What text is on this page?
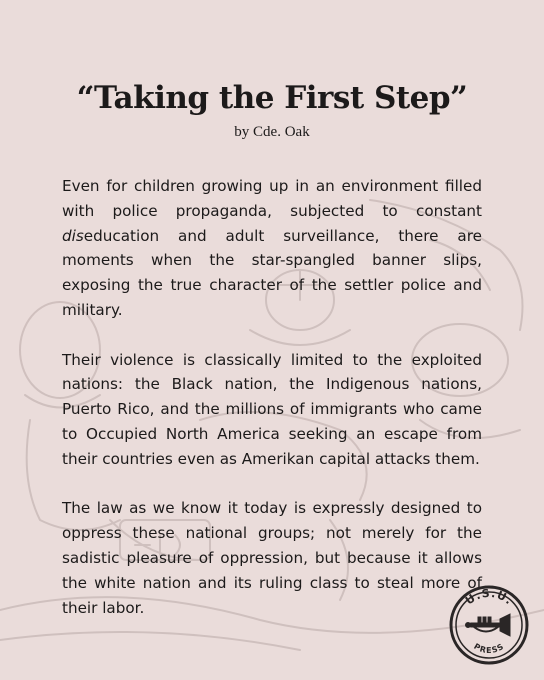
“Taking the First Step”

by Cde. Oak

Even for children growing up in an environment filled with police propaganda, subjected to constant diseducation and adult surveillance, there are moments when the star-spangled banner slips, exposing the true character of the settler police and military.

Their violence is classically limited to the exploited nations: the Black nation, the Indigenous nations, Puerto Rico, and the millions of immigrants who came to Occupied North America seeking an escape from their countries even as Amerikan capital attacks them.

The law as we know it today is expressly designed to oppress these national groups; not merely for the sadistic pleasure of oppression, but because it allows the white nation and its ruling class to steal more of their labor.	U.S.U.
PRESS
